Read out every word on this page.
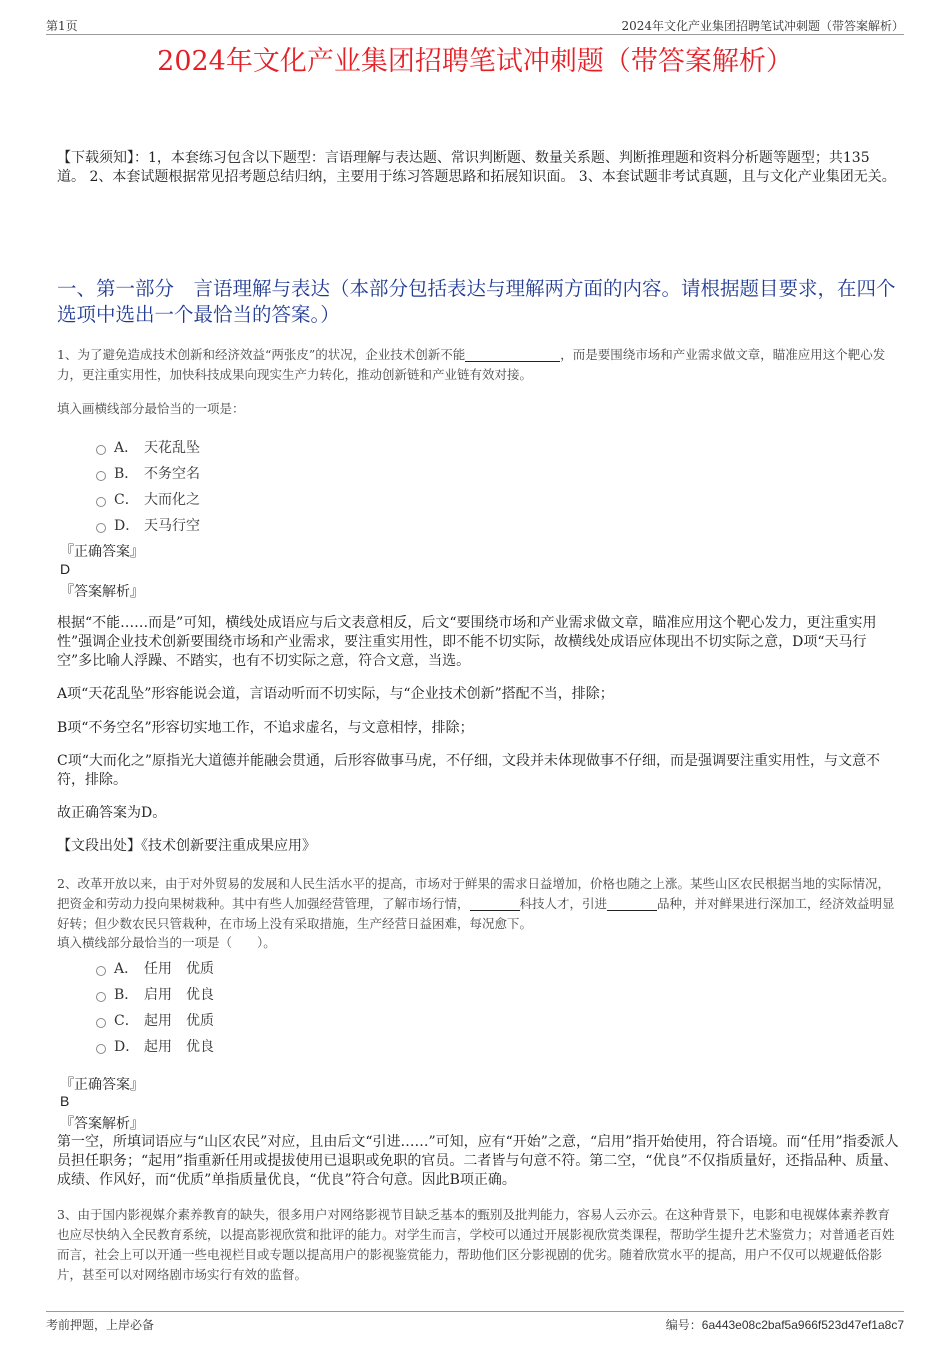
第1页	2024年文化产业集团招聘笔试冲刺题（带答案解析）
2024年文化产业集团招聘笔试冲刺题（带答案解析）
【下载须知】：1，本套练习包含以下题型：言语理解与表达题、常识判断题、数量关系题、判断推理题和资料分析题等题型；共135道。 2、本套试题根据常见招考题总结归纳，主要用于练习答题思路和拓展知识面。 3、本套试题非考试真题，且与文化产业集团无关。
一、第一部分　言语理解与表达（本部分包括表达与理解两方面的内容。请根据题目要求，在四个选项中选出一个最恰当的答案。）
1、为了避免造成技术创新和经济效益“两张皮”的状况，企业技术创新不能	，而是要围绕市场和产业需求做文章，瞄准应用这个靶心发力，更注重实用性，加快科技成果向现实生产力转化，推动创新链和产业链有效对接。
填入画横线部分最恰当的一项是：
A． 天花乱坠
B． 不务空名
C． 大而化之
D． 天马行空
『正确答案』
D
『答案解析』
根据“不能……而是”可知，横线处成语应与后文表意相反，后文“要围绕市场和产业需求做文章，瞄准应用这个靶心发力，更注重实用性”强调企业技术创新要围绕市场和产业需求，要注重实用性，即不能不切实际，故横线处成语应体现出不切实际之意，D项“天马行空”多比喻人浮躁、不踏实，也有不切实际之意，符合文意，当选。
A项“天花乱坠”形容能说会道，言语动听而不切实际，与“企业技术创新”搭配不当，排除；
B项“不务空名”形容切实地工作，不追求虚名，与文意相悖，排除；
C项“大而化之”原指光大道德并能融会贯通，后形容做事马虎，不仔细，文段并未体现做事不仔细，而是强调要注重实用性，与文意不符，排除。
故正确答案为D。
【文段出处】《技术创新要注重成果应用》
2、改革开放以来，由于对外贸易的发展和人民生活水平的提高，市场对于鲜果的需求日益增加，价格也随之上涨。某些山区农民根据当地的实际情况，把资金和劳动力投向果树栽种。其中有些人加强经营管理，了解市场行情，	科技人才，引进	品种，并对鲜果进行深加工，经济效益明显好转；但少数农民只管栽种，在市场上没有采取措施，生产经营日益困难，每况愈下。
填入横线部分最恰当的一项是（　　）。
A． 任用　优质
B． 启用　优良
C． 起用　优质
D． 起用　优良
『正确答案』
B
『答案解析』
第一空，所填词语应与“山区农民”对应，且由后文“引进……”可知，应有“开始”之意，“启用”指开始使用，符合语境。而“任用”指委派人员担任职务；“起用”指重新任用或提拔使用已退职或免职的官员。二者皆与句意不符。第二空，“优良”不仅指质量好，还指品种、质量、成绩、作风好，而“优质”单指质量优良，“优良”符合句意。因此B项正确。
3、由于国内影视媒介素养教育的缺失，很多用户对网络影视节目缺乏基本的甄别及批判能力，容易人云亦云。在这种背景下，电影和电视媒体素养教育也应尽快纳入全民教育系统，以提高影视欣赏和批评的能力。对学生而言，学校可以通过开展影视欣赏类课程，帮助学生提升艺术鉴赏力；对普通老百姓而言，社会上可以开通一些电视栏目或专题以提高用户的影视鉴赏能力，帮助他们区分影视剧的优劣。随着欣赏水平的提高，用户不仅可以规避低俗影片，甚至可以对网络剧市场实行有效的监督。
考前押题，上岸必备	编号：6a443e08c2baf5a966f523d47ef1a8c7
